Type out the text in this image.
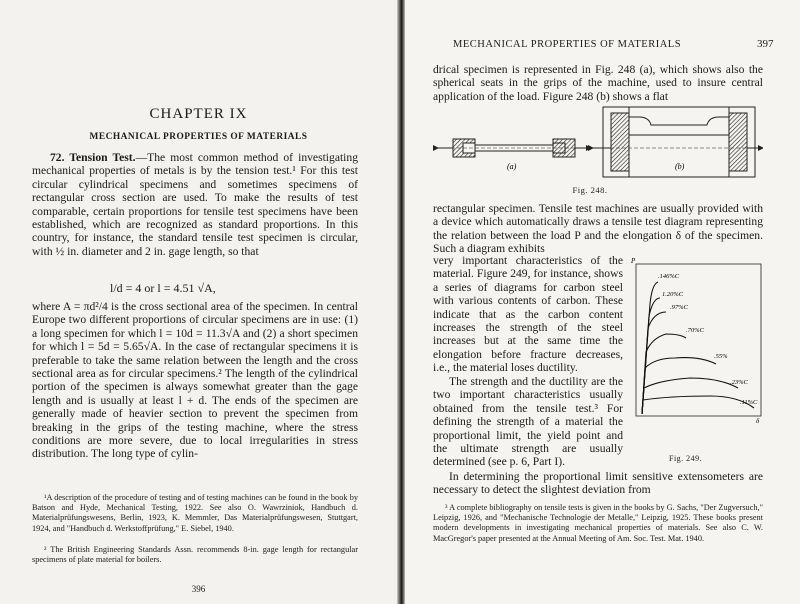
CHAPTER IX
MECHANICAL PROPERTIES OF MATERIALS

72. Tension Test.—The most common method of investigating mechanical properties of metals is by the tension test.¹ For this test circular cylindrical specimens and sometimes specimens of rectangular cross section are used. To make the results of test comparable, certain proportions for tensile test specimens have been established, which are recognized as standard proportions. In this country, for instance, the standard tensile test specimen is circular, with ½ in. diameter and 2 in. gage length, so that

l/d = 4 or l = 4.51 √A,

where A = πd²/4 is the cross sectional area of the specimen. In central Europe two different proportions of circular specimens are in use: (1) a long specimen for which l = 10d = 11.3√A and (2) a short specimen for which l = 5d = 5.65√A. In the case of rectangular specimens it is preferable to take the same relation between the length and the cross sectional area as for circular specimens.² The length of the cylindrical portion of the specimen is always somewhat greater than the gage length and is usually at least l + d. The ends of the specimen are generally made of heavier section to prevent the specimen from breaking in the grips of the testing machine, where the stress conditions are more severe, due to local irregularities in stress distribution. The long type of cylin-

¹A description of the procedure of testing and of testing machines can be found in the book by Batson and Hyde, Mechanical Testing, 1922. See also O. Wawrziniok, Handbuch d. Materialprüfungswesens, Berlin, 1923, K. Memmler, Das Materialprüfungswesen, Stuttgart, 1924, and "Handbuch d. Werkstoffprüfung," E. Siebel, 1940.

² The British Engineering Standards Assn. recommends 8-in. gage length for rectangular specimens of plate material for boilers.

396
MECHANICAL PROPERTIES OF MATERIALS	397

drical specimen is represented in Fig. 248 (a), which shows also the spherical seats in the grips of the machine, used to insure central application of the load. Figure 248 (b) shows a flat

(a)	(b)
Fig. 248.

rectangular specimen. Tensile test machines are usually provided with a device which automatically draws a tensile test diagram representing the relation between the load P and the elongation δ of the specimen. Such a diagram exhibits

very important characteristics of the material. Figure 249, for instance, shows a series of diagrams for carbon steel with various contents of carbon. These indicate that as the carbon content increases the strength of the steel increases but at the same time the elongation before fracture decreases, i.e., the material loses ductility.

The strength and the ductility are the two important characteristics usually obtained from the tensile test.³ For defining the strength of a material the proportional limit, the yield point and the ultimate strength are usually determined (see p. 6, Part I).

P
δ
.146%C
1.20%C
.97%C
.70%C
.55%
.23%C
.11%C
Fig. 249.

In determining the proportional limit sensitive extensometers are necessary to detect the slightest deviation from

³ A complete bibliography on tensile tests is given in the books by G. Sachs, "Der Zugversuch," Leipzig, 1926, and "Mechanische Technologie der Metalle," Leipzig, 1925. These books present modern developments in investigating mechanical properties of materials. See also C. W. MacGregor's paper presented at the Annual Meeting of Am. Soc. Test. Mat. 1940.
